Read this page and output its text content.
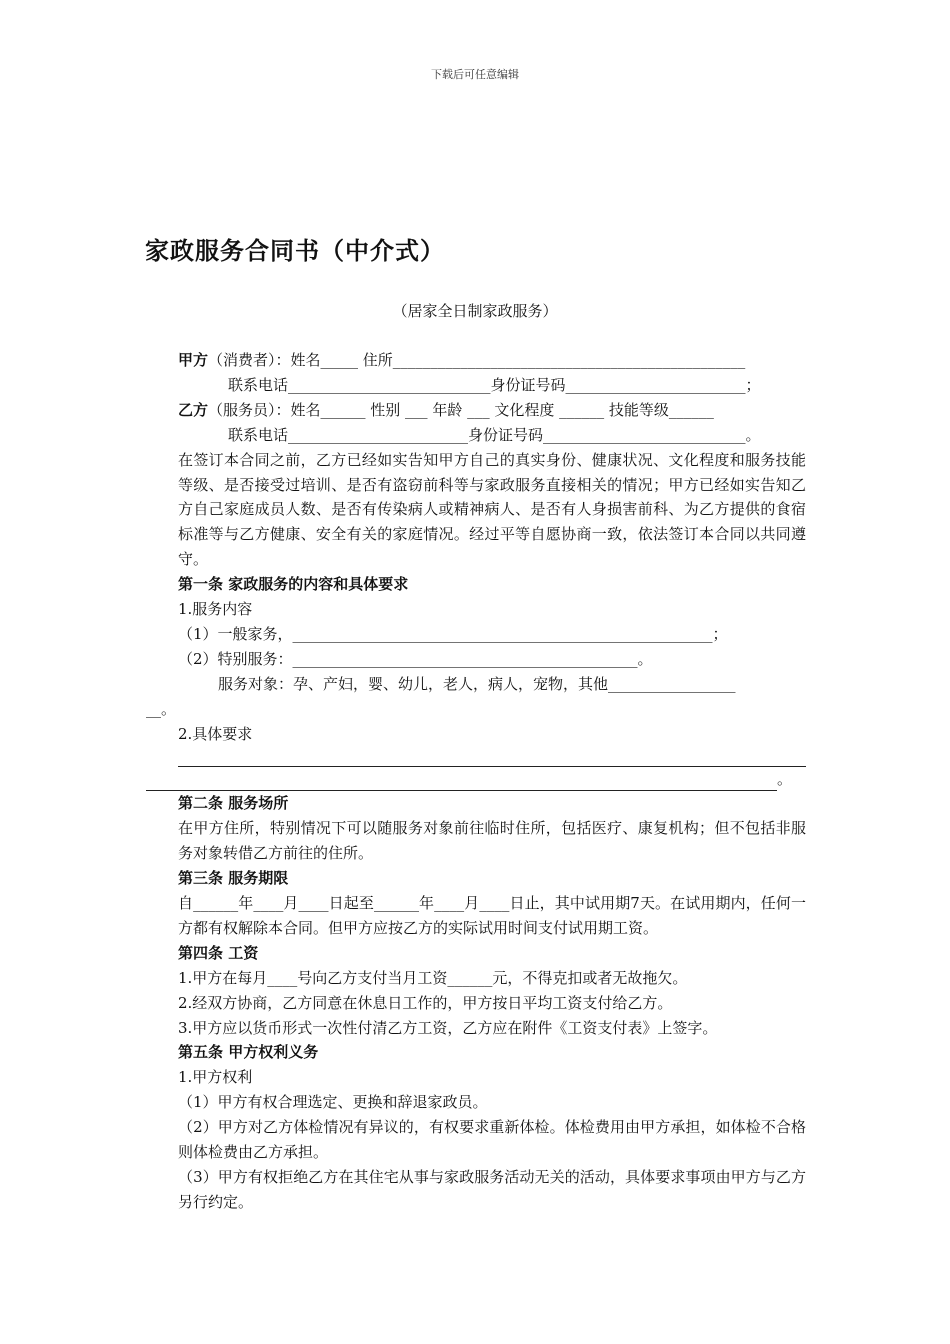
下载后可任意编辑
家政服务合同书（中介式）
（居家全日制家政服务）
甲方（消费者）：姓名_____ 住所_______________________________________________
联系电话___________________________身份证号码________________________；
乙方（服务员）：姓名______ 性别 ___ 年龄 ___ 文化程度 ______ 技能等级______
联系电话________________________身份证号码___________________________。
在签订本合同之前，乙方已经如实告知甲方自己的真实身份、健康状况、文化程度和服务技能等级、是否接受过培训、是否有盗窃前科等与家政服务直接相关的情况；甲方已经如实告知乙方自己家庭成员人数、是否有传染病人或精神病人、是否有人身损害前科、为乙方提供的食宿标准等与乙方健康、安全有关的家庭情况。经过平等自愿协商一致，依法签订本合同以共同遵守。
第一条 家政服务的内容和具体要求
1.服务内容
（1）一般家务，________________________________________________________；
（2）特别服务：______________________________________________。
服务对象：孕、产妇，婴、幼儿，老人，病人，宠物，其他_________________
__。
2.具体要求
。
第二条 服务场所
在甲方住所，特别情况下可以随服务对象前往临时住所，包括医疗、康复机构；但不包括非服务对象转借乙方前往的住所。
第三条 服务期限
自______年____月____日起至______年____月____日止，其中试用期7天。在试用期内，任何一方都有权解除本合同。但甲方应按乙方的实际试用时间支付试用期工资。
第四条 工资
1.甲方在每月____号向乙方支付当月工资______元，不得克扣或者无故拖欠。
2.经双方协商，乙方同意在休息日工作的，甲方按日平均工资支付给乙方。
3.甲方应以货币形式一次性付清乙方工资，乙方应在附件《工资支付表》上签字。
第五条 甲方权利义务
1.甲方权利
（1）甲方有权合理选定、更换和辞退家政员。
（2）甲方对乙方体检情况有异议的，有权要求重新体检。体检费用由甲方承担，如体检不合格则体检费由乙方承担。
（3）甲方有权拒绝乙方在其住宅从事与家政服务活动无关的活动，具体要求事项由甲方与乙方另行约定。
